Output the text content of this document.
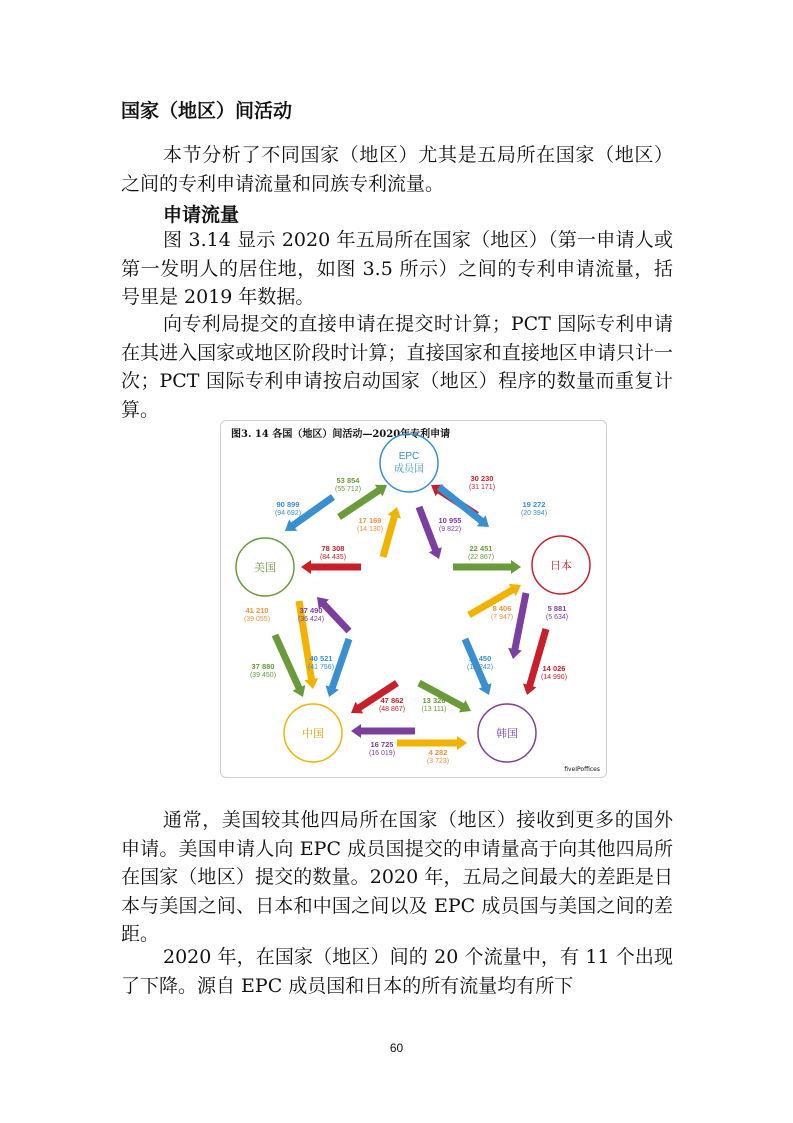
国家（地区）间活动

本节分析了不同国家（地区）尤其是五局所在国家（地区）之间的专利申请流量和同族专利流量。

申请流量

图 3.14 显示 2020 年五局所在国家（地区）（第一申请人或第一发明人的居住地，如图 3.5 所示）之间的专利申请流量，括号里是 2019 年数据。

向专利局提交的直接申请在提交时计算；PCT 国际专利申请在其进入国家或地区阶段时计算；直接国家和直接地区申请只计一次；PCT 国际专利申请按启动国家（地区）程序的数量而重复计算。

图3. 14 各国（地区）间活动—2020年专利申请
EPC
成员国
日本
美国
中国	韩国
53 854
(55 712)
90 899
(94 692)
30 230
(31 171)
19 272
(20 394)
17 169
(14 130)
10 955
(9 822)
78 308
(84 435)
22 451
(22 867)
41 210
(39 055)
37 490
(36 424)
8 406
(7 947)
5 881
(5 634)
37 880
(39 450)
40 521
(41 756)
11 450
(12 242)	14 026
(14 990)
47 862
(48 867)
13 326
(13 111)
16 725
(16 019)	4 282
(3 723)
fiveIPoffices

通常，美国较其他四局所在国家（地区）接收到更多的国外申请。美国申请人向 EPC 成员国提交的申请量高于向其他四局所在国家（地区）提交的数量。2020 年，五局之间最大的差距是日本与美国之间、日本和中国之间以及 EPC 成员国与美国之间的差距。

2020 年，在国家（地区）间的 20 个流量中，有 11 个出现了下降。源自 EPC 成员国和日本的所有流量均有所下

60
